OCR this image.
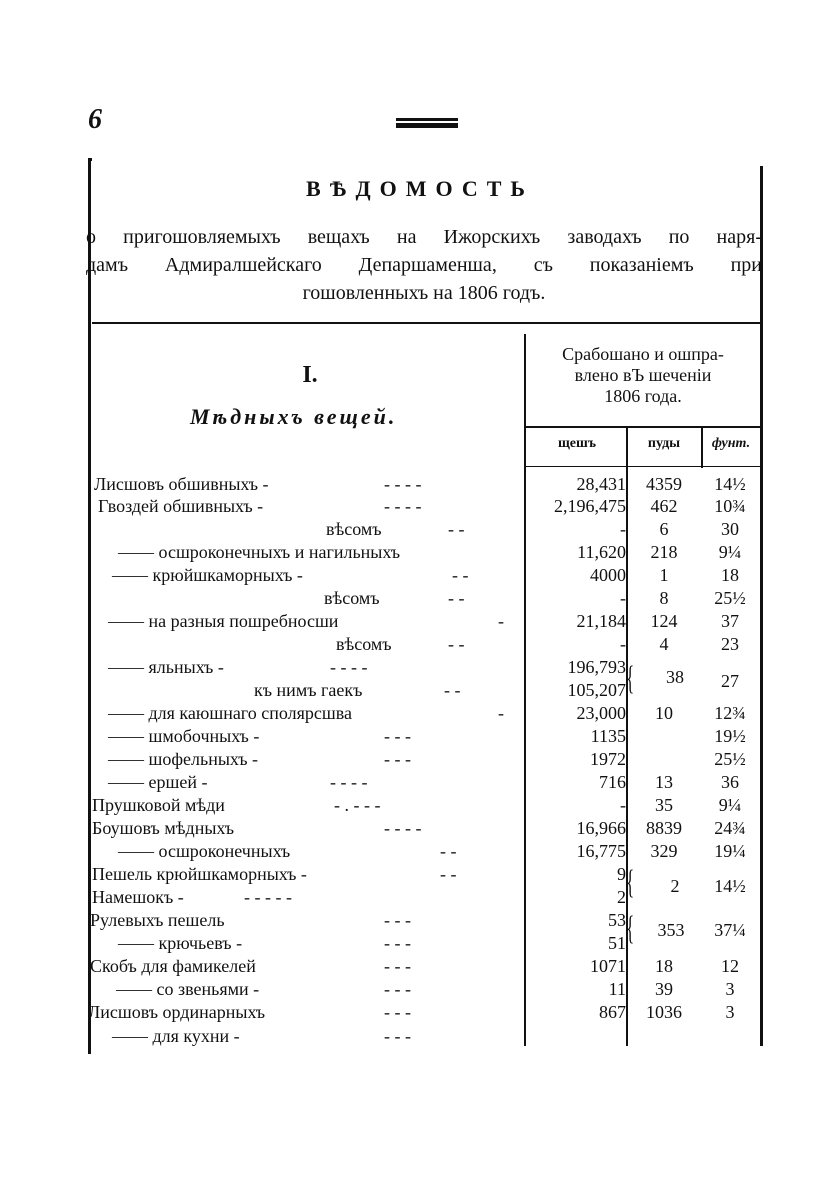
6
ВѢДОМОСТЬ
о пригошовляемыхъ вещахъ на Ижорскихъ заводахъ по наря-
дамъ Адмиралшейскаго Депаршаменша, съ показаніемъ при
гошовленныхъ на 1806 годъ.
I.
Мѣдныхъ вещей.
Срабошано и ошпра-
влено вЪ шеченіи
1806 года.
щешъ	пуды	фунт.
Лисшовъ обшивныхъ -	- - - -	28,431	4359	14½
Гвоздей обшивныхъ -	- - - -	2,196,475	462	10¾
вѣсомъ	- -	-	6	30
—— осшроконечныхъ и нагильныхъ	11,620	218	9¼
—— крюйшкаморныхъ -	- -	4000	1	18
вѣсомъ	- -	-	8	25½
—— на разныя пошребносши	-	21,184	124	37
вѣсомъ	- -	-	4	23
—— яльныхъ -	- - - -	196,793
къ нимъ гаекъ	- -	105,207 {	38	27
—— для каюшнаго сполярсшва	-	23,000	10	12¾
—— шмобочныхъ -	- - -	1135	19½
—— шофельныхъ -	- - -	1972	25½
—— ершей -	- - - -	716	13	36
Прушковой мѣди	- . - - -	-	35	9¼
Боушовъ мѣдныхъ	- - - -	16,966	8839	24¾
—— осшроконечныхъ	- -	16,775	329	19¼
Пешель крюйшкаморныхъ -	- -	9
Намешокъ -	- - - - -	2 {	2	14½
Рулевыхъ пешель	- - -	53
—— крючьевъ -	- - -	51 {	353	37¼
Скобъ для фамикелей	- - -	1071	18	12
—— со звеньями -	- - -	11	39	3
Лисшовъ ординарныхъ	- - -	867	1036	3
—— для кухни -	- - -
